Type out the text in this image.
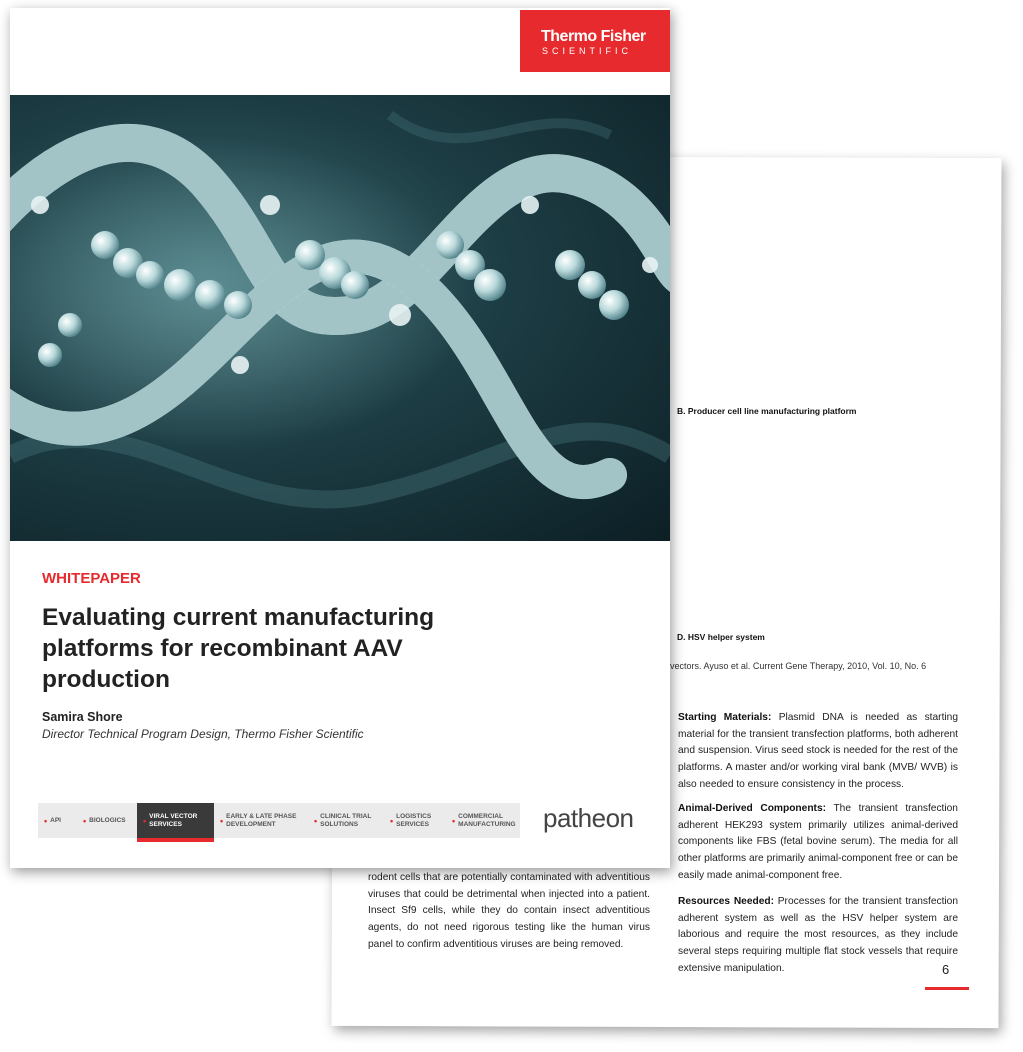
B. Producer cell line manufacturing platform
D. HSV helper system
vectors. Ayuso et al. Current Gene Therapy, 2010, Vol. 10, No. 6
Starting Materials: Plasmid DNA is needed as starting material for the transient transfection platforms, both adherent and suspension. Virus seed stock is needed for the rest of the platforms. A master and/or working viral bank (MVB/ WVB) is also needed to ensure consistency in the process.
Animal-Derived Components: The transient transfection adherent HEK293 system primarily utilizes animal-derived components like FBS (fetal bovine serum). The media for all other platforms are primarily animal-component free or can be easily made animal-component free.
Resources Needed: Processes for the transient transfection adherent system as well as the HSV helper system are laborious and require the most resources, as they include several steps requiring multiple flat stock vessels that require extensive manipulation.
rodent cells that are potentially contaminated with adventitious viruses that could be detrimental when injected into a patient. Insect Sf9 cells, while they do contain insect adventitious agents, do not need rigorous testing like the human virus panel to confirm adventitious viruses are being removed.
6
Thermo Fisher
SCIENTIFIC
WHITEPAPER
Evaluating current manufacturing platforms for recombinant AAV production
Samira Shore
Director Technical Program Design, Thermo Fisher Scientific
• API • BIOLOGICS • VIRAL VECTOR SERVICES	• EARLY & LATE PHASE DEVELOPMENT	• CLINICAL TRIAL SOLUTIONS	• LOGISTICS SERVICES	• COMMERCIAL MANUFACTURING patheon
